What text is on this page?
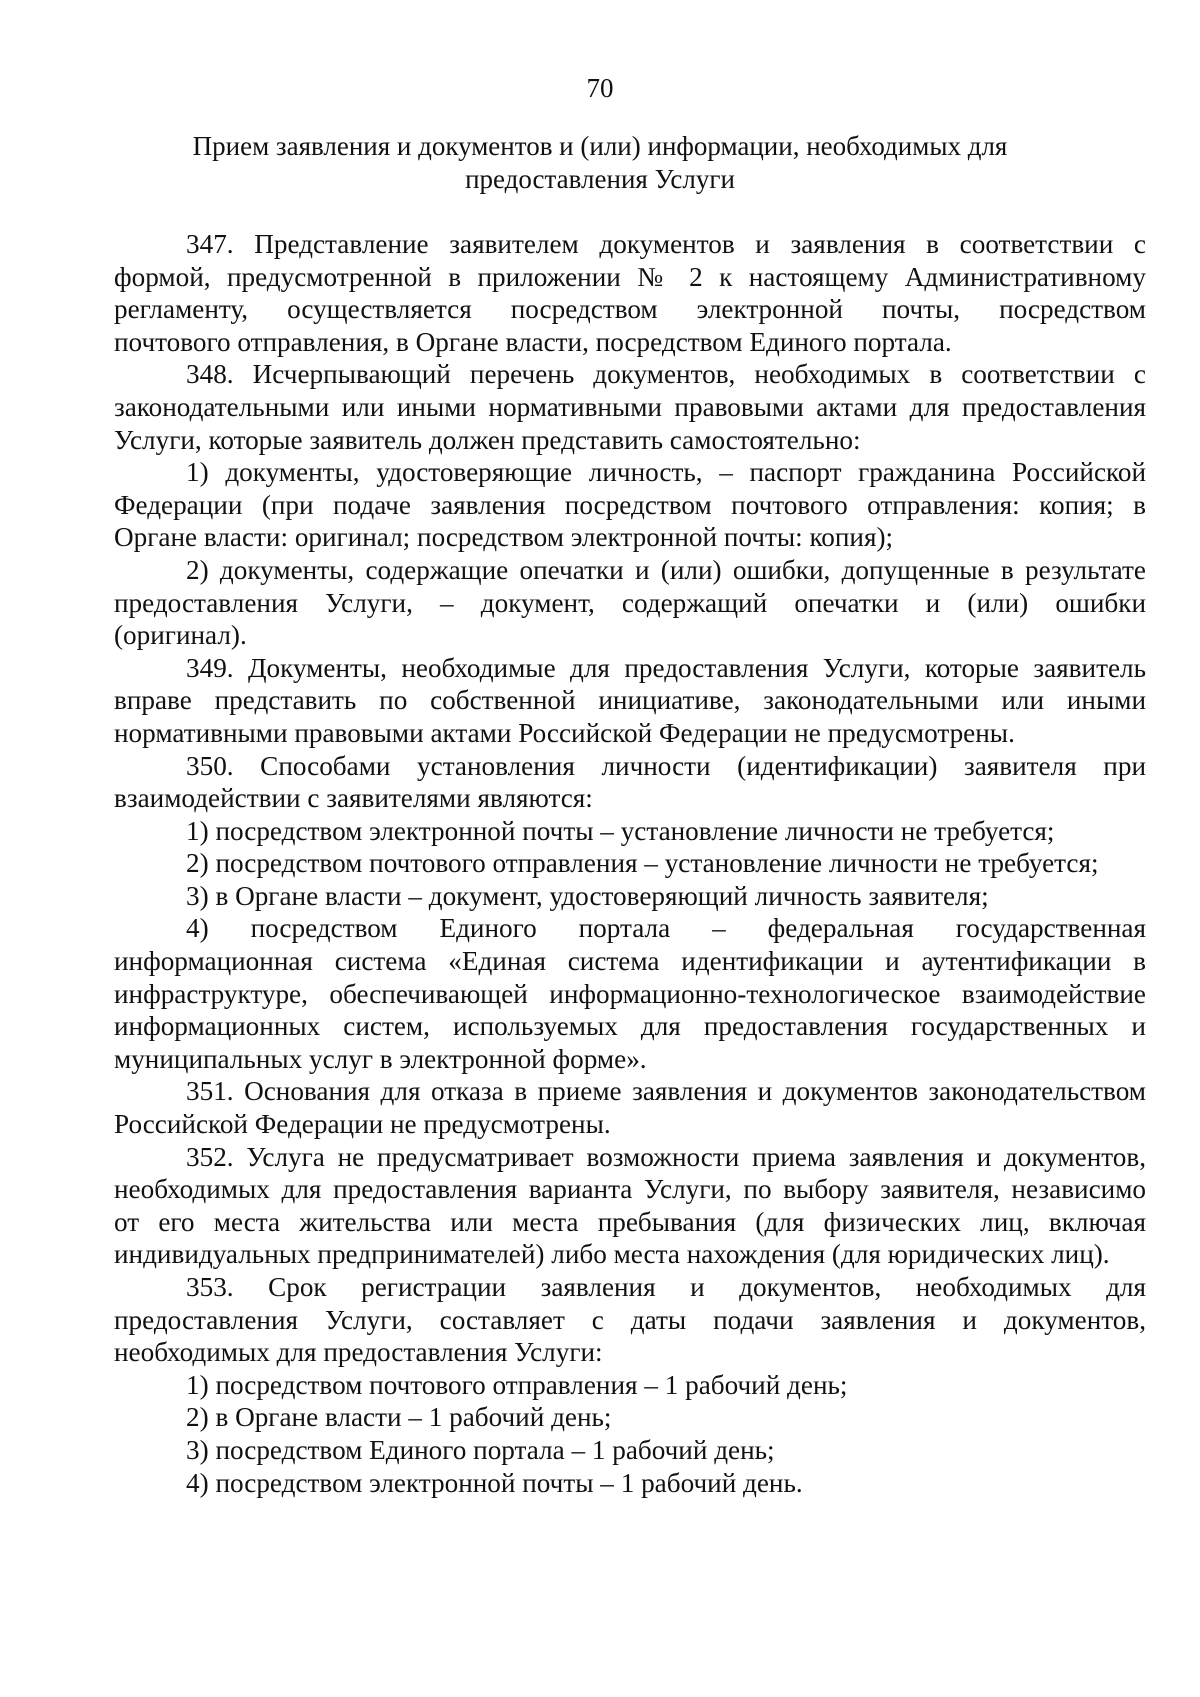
70
Прием заявления и документов и (или) информации, необходимых для
предоставления Услуги
347. Представление заявителем документов и заявления в соответствии с
формой, предусмотренной в приложении № 2 к настоящему Административному
регламенту, осуществляется посредством электронной почты, посредством
почтового отправления, в Органе власти, посредством Единого портала.
348. Исчерпывающий перечень документов, необходимых в соответствии с
законодательными или иными нормативными правовыми актами для предоставления
Услуги, которые заявитель должен представить самостоятельно:
1) документы, удостоверяющие личность, – паспорт гражданина Российской
Федерации (при подаче заявления посредством почтового отправления: копия; в
Органе власти: оригинал; посредством электронной почты: копия);
2) документы, содержащие опечатки и (или) ошибки, допущенные в результате
предоставления Услуги, – документ, содержащий опечатки и (или) ошибки
(оригинал).
349. Документы, необходимые для предоставления Услуги, которые заявитель
вправе представить по собственной инициативе, законодательными или иными
нормативными правовыми актами Российской Федерации не предусмотрены.
350. Способами установления личности (идентификации) заявителя при
взаимодействии с заявителями являются:
1) посредством электронной почты – установление личности не требуется;
2) посредством почтового отправления – установление личности не требуется;
3) в Органе власти – документ, удостоверяющий личность заявителя;
4) посредством Единого портала – федеральная государственная
информационная система «Единая система идентификации и аутентификации в
инфраструктуре, обеспечивающей информационно-технологическое взаимодействие
информационных систем, используемых для предоставления государственных и
муниципальных услуг в электронной форме».
351. Основания для отказа в приеме заявления и документов законодательством
Российской Федерации не предусмотрены.
352. Услуга не предусматривает возможности приема заявления и документов,
необходимых для предоставления варианта Услуги, по выбору заявителя, независимо
от его места жительства или места пребывания (для физических лиц, включая
индивидуальных предпринимателей) либо места нахождения (для юридических лиц).
353. Срок регистрации заявления и документов, необходимых для
предоставления Услуги, составляет с даты подачи заявления и документов,
необходимых для предоставления Услуги:
1) посредством почтового отправления – 1 рабочий день;
2) в Органе власти – 1 рабочий день;
3) посредством Единого портала – 1 рабочий день;
4) посредством электронной почты – 1 рабочий день.
